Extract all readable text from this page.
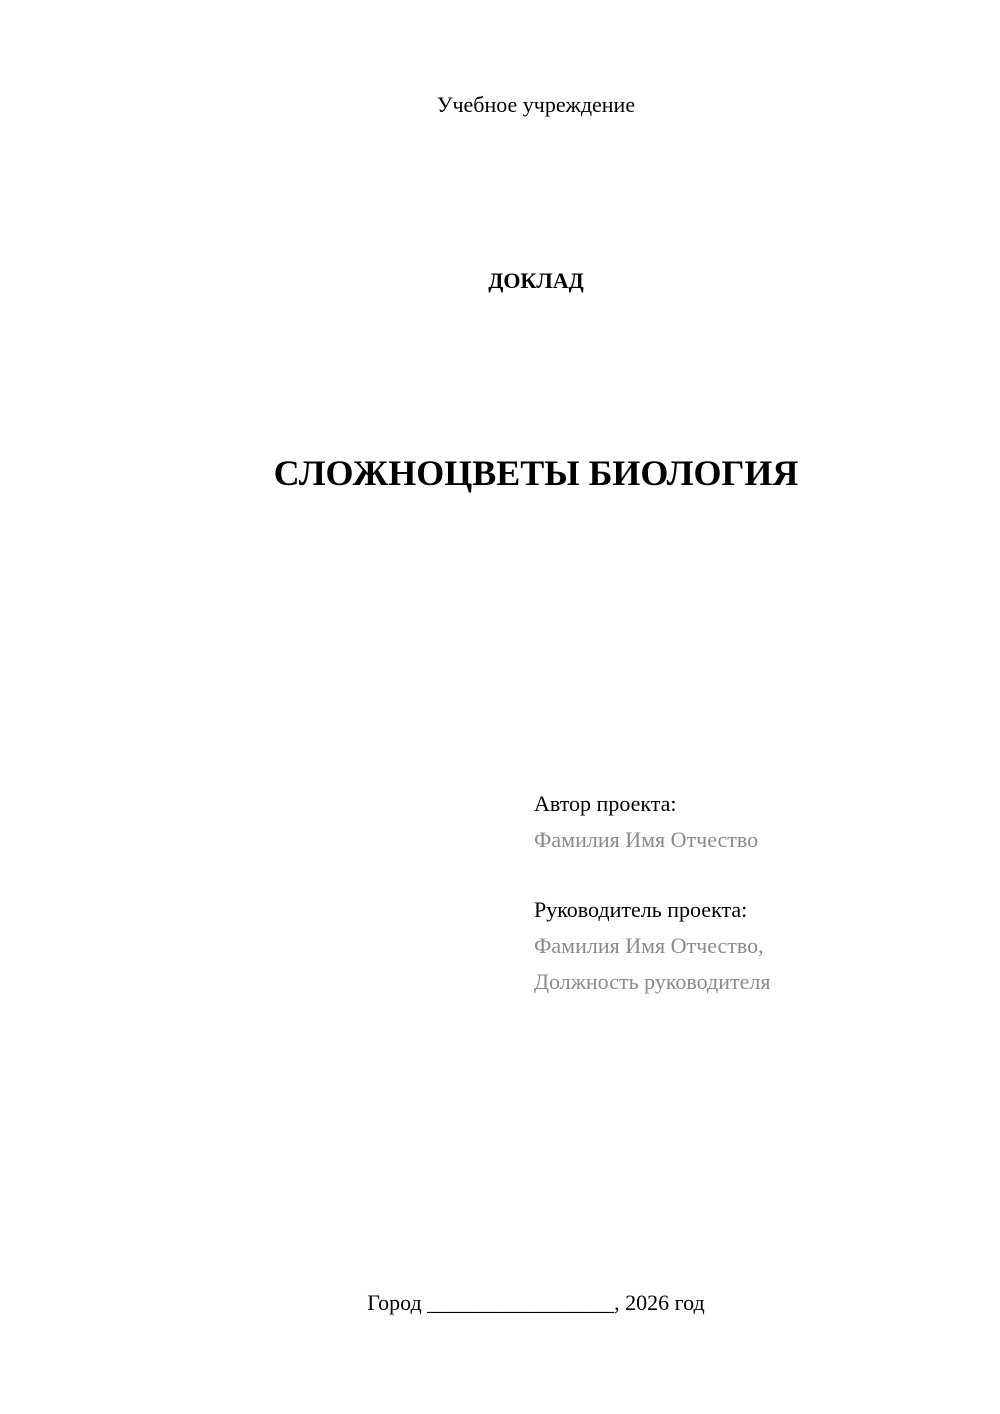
Учебное учреждение
ДОКЛАД
СЛОЖНОЦВЕТЫ БИОЛОГИЯ
Автор проекта:
Фамилия Имя Отчество
Руководитель проекта:
Фамилия Имя Отчество,
Должность руководителя
Город _________________, 2026 год
